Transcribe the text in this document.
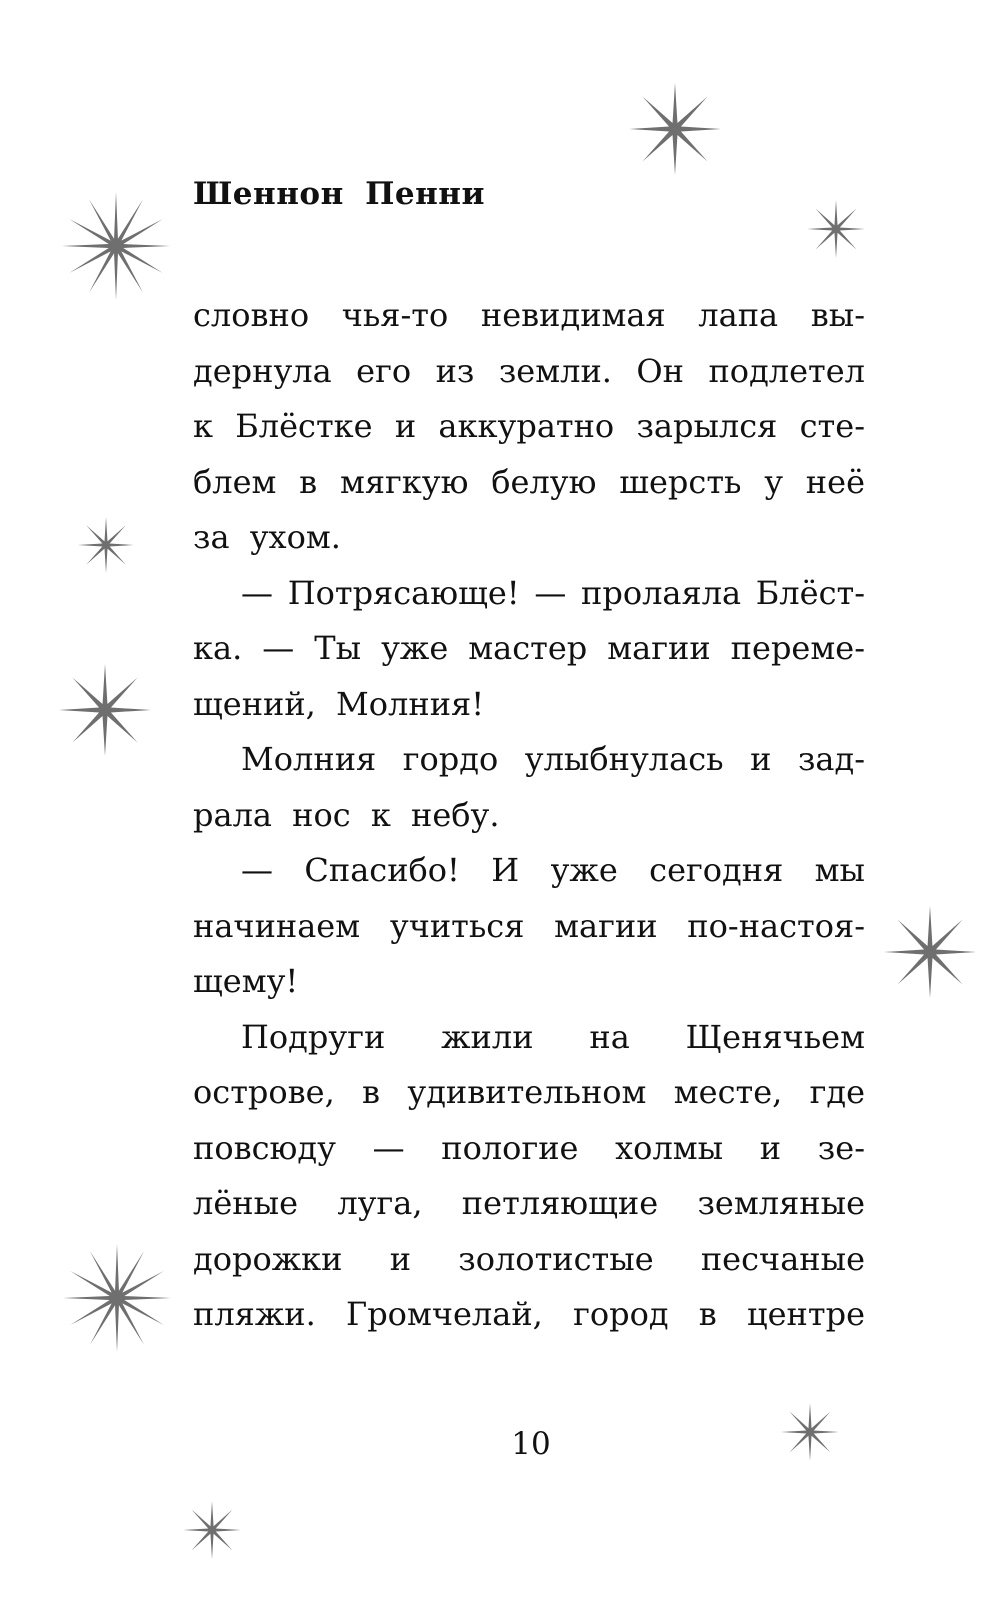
Шеннон Пенни
словно чья-то невидимая лапа вы-
дернула его из земли. Он подлетел
к Блёстке и аккуратно зарылся сте-
блем в мягкую белую шерсть у неё
за ухом.
— Потрясающе! — пролаяла Блёст-
ка. — Ты уже мастер магии переме-
щений, Молния!
Молния гордо улыбнулась и зад-
рала нос к небу.
— Спасибо! И уже сегодня мы
начинаем учиться магии по-настоя-
щему!
Подруги жили на Щенячьем
острове, в удивительном месте, где
повсюду — пологие холмы и зе-
лёные луга, петляющие земляные
дорожки и золотистые песчаные
пляжи. Громчелай, город в центре
10
